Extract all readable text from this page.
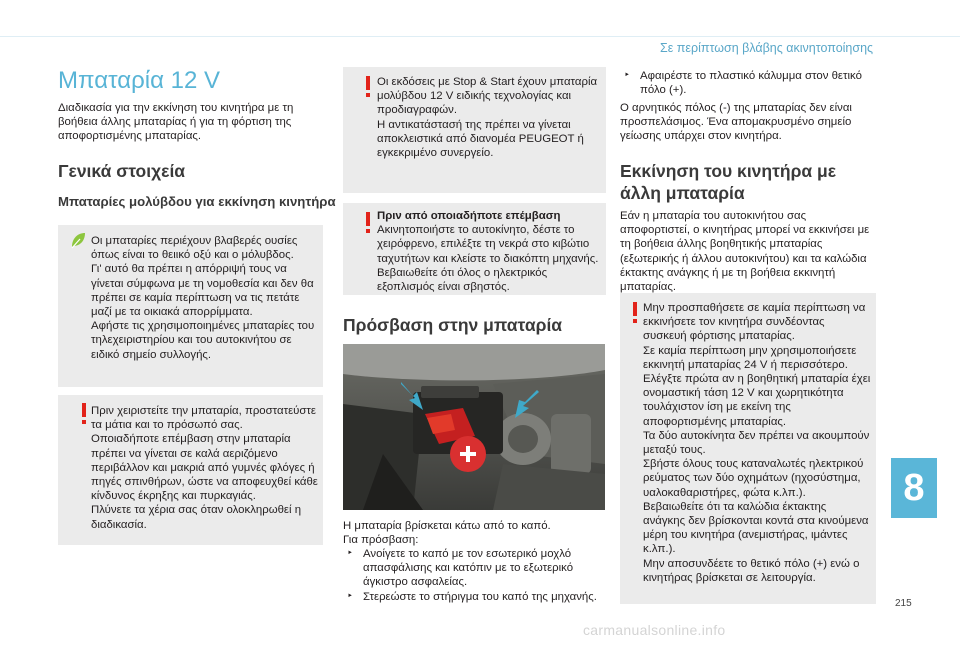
Σε περίπτωση βλάβης ακινητοποίησης
Μπαταρία 12 V
Διαδικασία για την εκκίνηση του κινητήρα με τη βοήθεια άλλης μπαταρίας ή για τη φόρτιση της αποφορτισμένης μπαταρίας.
Γενικά στοιχεία
Μπαταρίες μολύβδου για εκκίνηση κινητήρα
Οι μπαταρίες περιέχουν βλαβερές ουσίες όπως είναι το θειικό οξύ και ο μόλυβδος.
Γι' αυτό θα πρέπει η απόρριψή τους να γίνεται σύμφωνα με τη νομοθεσία και δεν θα πρέπει σε καμία περίπτωση να τις πετάτε μαζί με τα οικιακά απορρίμματα.
Αφήστε τις χρησιμοποιημένες μπαταρίες του τηλεχειριστηρίου και του αυτοκινήτου σε ειδικό σημείο συλλογής.
Πριν χειριστείτε την μπαταρία, προστατεύστε τα μάτια και το πρόσωπό σας.
Οποιαδήποτε επέμβαση στην μπαταρία πρέπει να γίνεται σε καλά αεριζόμενο περιβάλλον και μακριά από γυμνές φλόγες ή πηγές σπινθήρων, ώστε να αποφευχθεί κάθε κίνδυνος έκρηξης και πυρκαγιάς.
Πλύνετε τα χέρια σας όταν ολοκληρωθεί η διαδικασία.
Οι εκδόσεις με Stop & Start έχουν μπαταρία μολύβδου 12 V ειδικής τεχνολογίας και προδιαγραφών.
Η αντικατάστασή της πρέπει να γίνεται αποκλειστικά από διανομέα PEUGEOT ή εγκεκριμένο συνεργείο.
Πριν από οποιαδήποτε επέμβαση
Ακινητοποιήστε το αυτοκίνητο, δέστε το χειρόφρενο, επιλέξτε τη νεκρά στο κιβώτιο ταχυτήτων και κλείστε το διακόπτη μηχανής.
Βεβαιωθείτε ότι όλος ο ηλεκτρικός εξοπλισμός είναι σβηστός.
Πρόσβαση στην μπαταρία
Η μπαταρία βρίσκεται κάτω από το καπό.
Για πρόσβαση:
‣ Ανοίγετε το καπό με τον εσωτερικό μοχλό απασφάλισης και κατόπιν με το εξωτερικό άγκιστρο ασφαλείας.
‣ Στερεώστε το στήριγμα του καπό της μηχανής.
‣ Αφαιρέστε το πλαστικό κάλυμμα στον θετικό πόλο (+).
Ο αρνητικός πόλος (-) της μπαταρίας δεν είναι προσπελάσιμος. Ένα απομακρυσμένο σημείο γείωσης υπάρχει στον κινητήρα.
Εκκίνηση του κινητήρα με άλλη μπαταρία
Εάν η μπαταρία του αυτοκινήτου σας αποφορτιστεί, ο κινητήρας μπορεί να εκκινήσει με τη βοήθεια άλλης βοηθητικής μπαταρίας (εξωτερικής ή άλλου αυτοκινήτου) και τα καλώδια έκτακτης ανάγκης ή με τη βοήθεια εκκινητή μπαταρίας.
Μην προσπαθήσετε σε καμία περίπτωση να εκκινήσετε τον κινητήρα συνδέοντας συσκευή φόρτισης μπαταρίας.
Σε καμία περίπτωση μην χρησιμοποιήσετε εκκινητή μπαταρίας 24 V ή περισσότερο.
Ελέγξτε πρώτα αν η βοηθητική μπαταρία έχει ονομαστική τάση 12 V και χωρητικότητα τουλάχιστον ίση με εκείνη της αποφορτισμένης μπαταρίας.
Τα δύο αυτοκίνητα δεν πρέπει να ακουμπούν μεταξύ τους.
Σβήστε όλους τους καταναλωτές ηλεκτρικού ρεύματος των δύο οχημάτων (ηχοσύστημα, υαλοκαθαριστήρες, φώτα κ.λπ.).
Βεβαιωθείτε ότι τα καλώδια έκτακτης ανάγκης δεν βρίσκονται κοντά στα κινούμενα μέρη του κινητήρα (ανεμιστήρας, ιμάντες κ.λπ.).
Μην αποσυνδέετε το θετικό πόλο (+) ενώ ο κινητήρας βρίσκεται σε λειτουργία.
8
215
carmanualsonline.info
